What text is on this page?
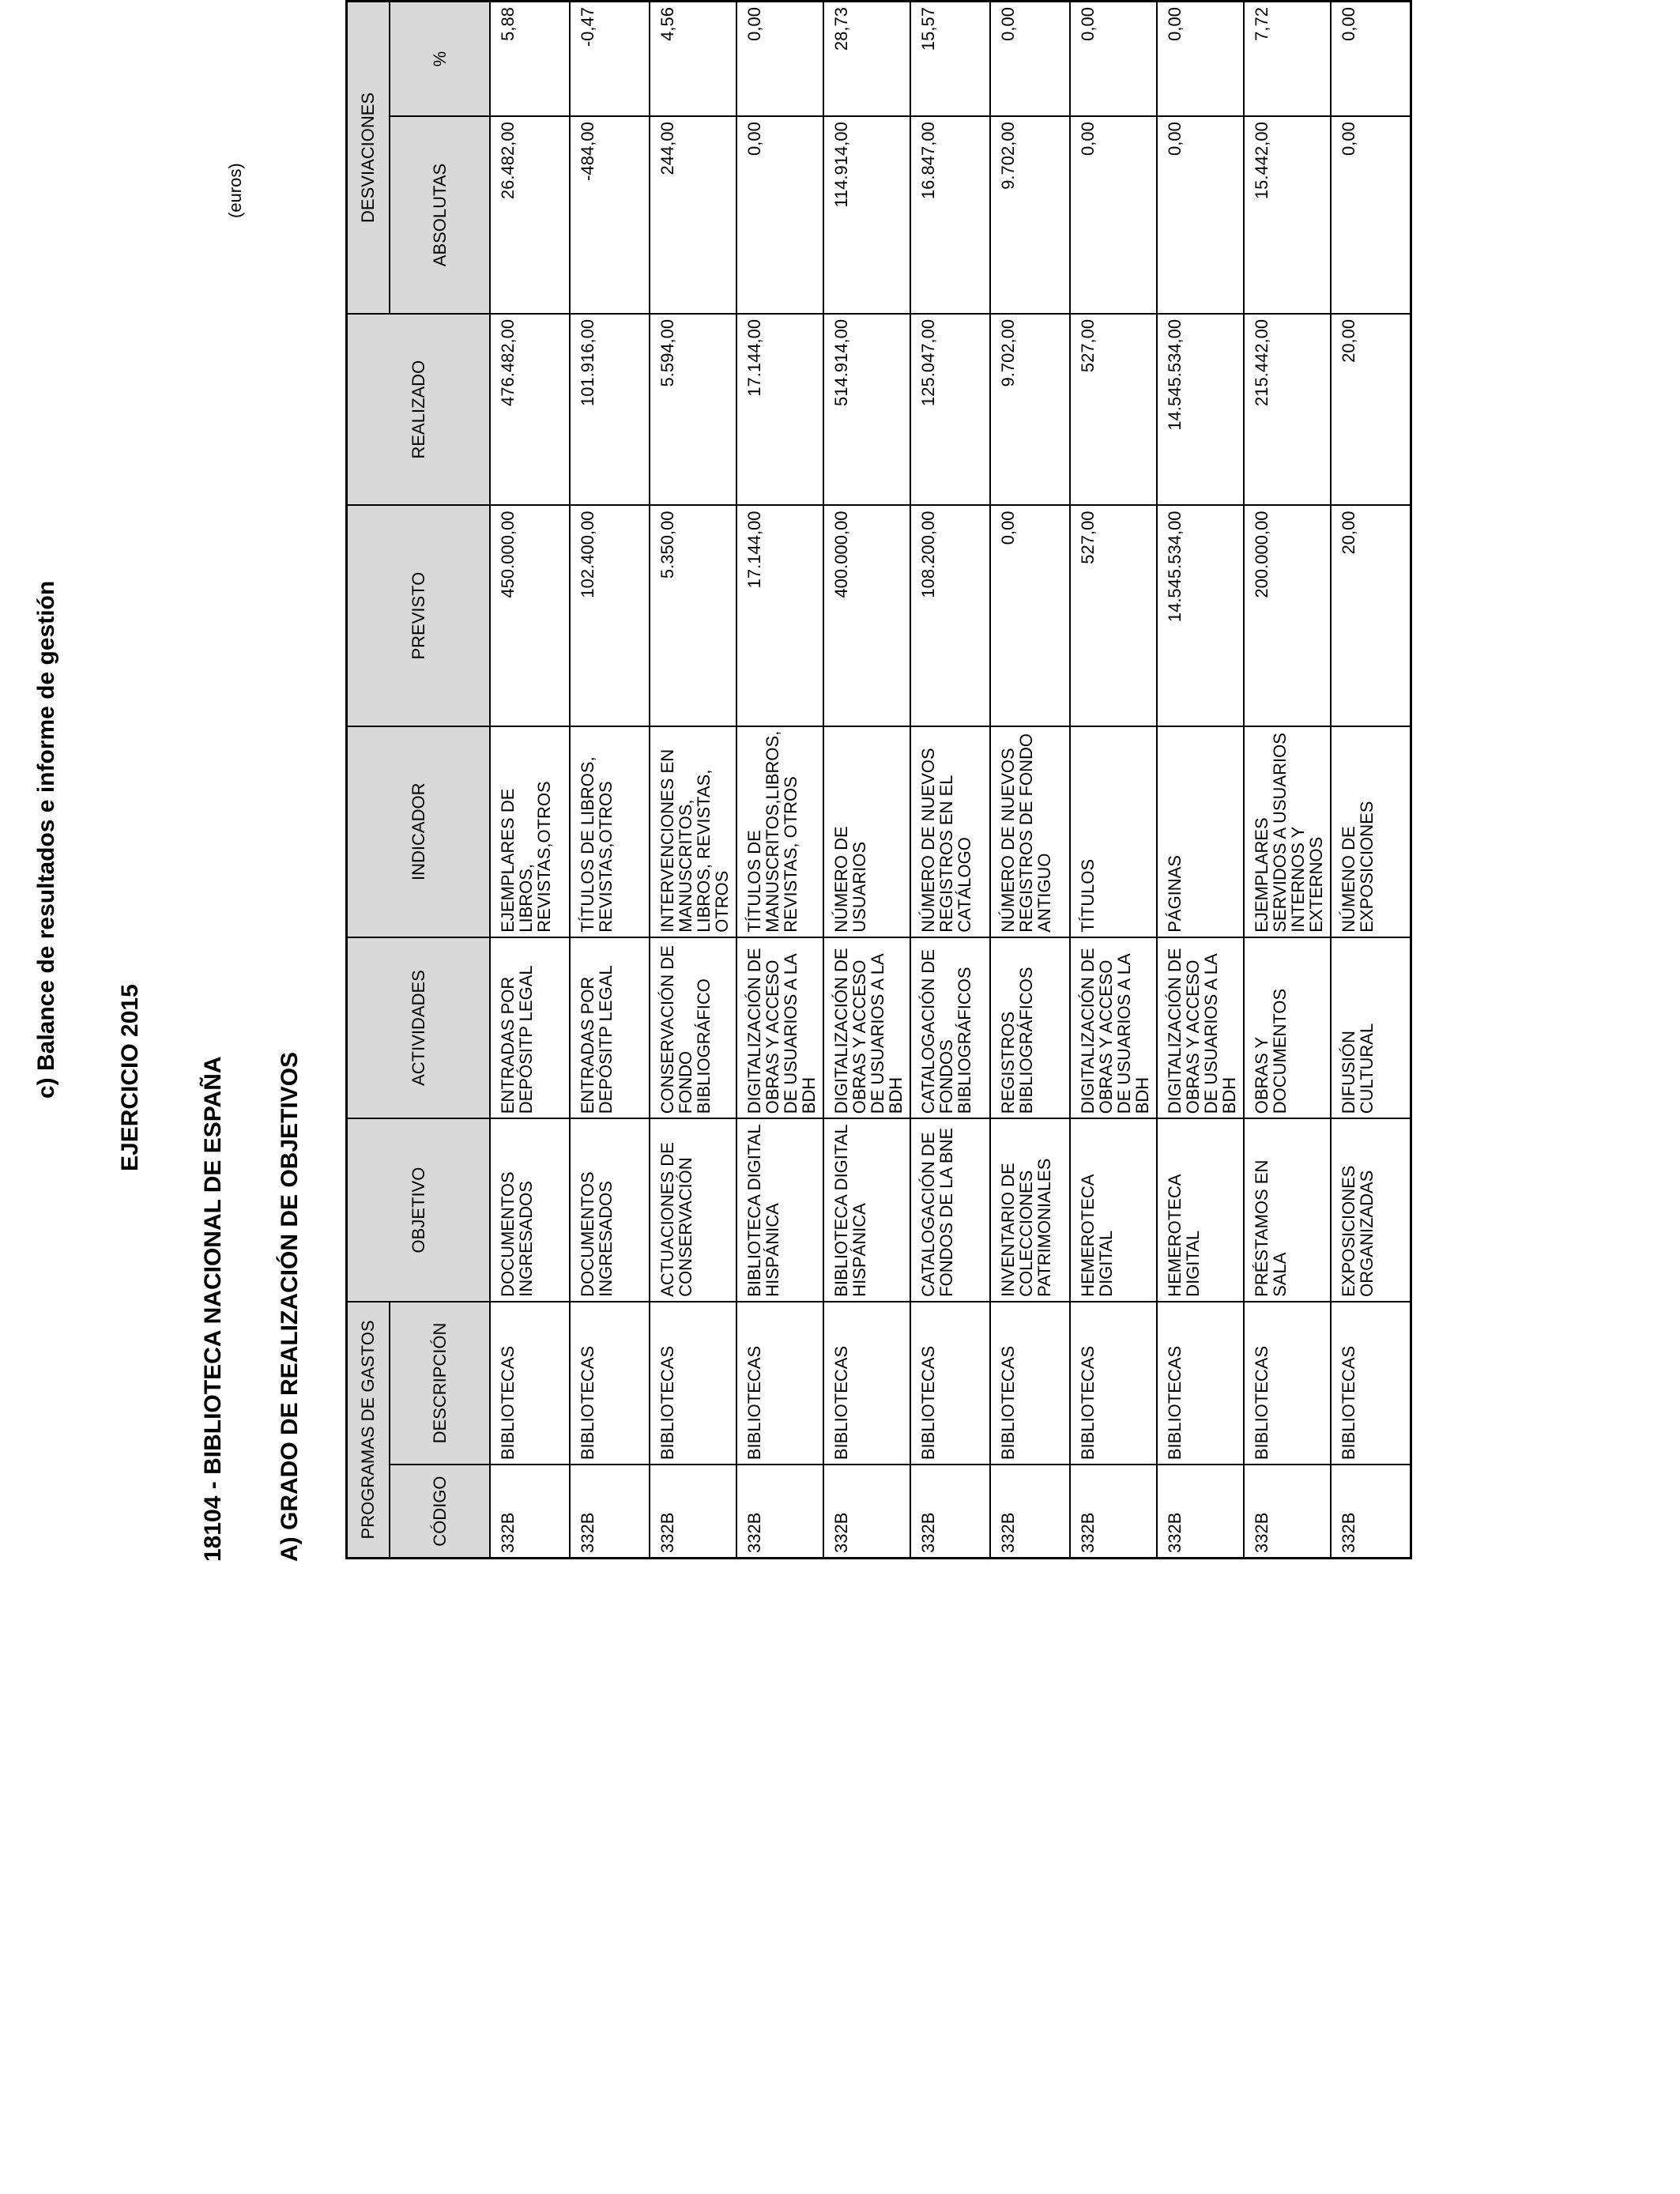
c) Balance de resultados e informe de gestión EJERCICIO 2015 18104 - BIBLIOTECA NACIONAL DE ESPAÑA A) GRADO DE REALIZACIÓN DE OBJETIVOS
(euros)
PROGRAMAS DE GASTOS		OBJETIVO	ACTIVIDADES	INDICADOR	PREVISTO	REALIZADO	DESVIACIONES	
CÓDIGO	DESCRIPCIÓN						ABSOLUTAS	%
332B	BIBLIOTECAS	DOCUMENTOS INGRESADOS	ENTRADAS POR DEPÓSITP LEGAL	EJEMPLARES DE LIBROS, REVISTAS,OTROS	450.000,00	476.482,00	26.482,00	5,88
332B	BIBLIOTECAS	DOCUMENTOS INGRESADOS	ENTRADAS POR DEPÓSITP LEGAL	TÍTULOS DE LIBROS, REVISTAS,OTROS	102.400,00	101.916,00	-484,00	-0,47
332B	BIBLIOTECAS	ACTUACIONES DE CONSERVACIÓN	CONSERVACIÓN DE FONDO BIBLIOGRÁFICO	INTERVENCIONES EN MANUSCRITOS, LIBROS, REVISTAS, OTROS	5.350,00	5.594,00	244,00	4,56
332B	BIBLIOTECAS	BIBLIOTECA DIGITAL HISPÁNICA	DIGITALIZACIÓN DE OBRAS Y ACCESO DE USUARIOS A LA BDH	TÍTULOS DE MANUSCRITOS,LIBROS, REVISTAS, OTROS	17.144,00	17.144,00	0,00	0,00
332B	BIBLIOTECAS	BIBLIOTECA DIGITAL HISPÁNICA	DIGITALIZACIÓN DE OBRAS Y ACCESO DE USUARIOS A LA BDH	NÚMERO DE USUARIOS	400.000,00	514.914,00	114.914,00	28,73
332B	BIBLIOTECAS	CATALOGACIÓN DE FONDOS DE LA BNE	CATALOGACIÓN DE FONDOS BIBLIOGRÁFICOS	NÚMERO DE NUEVOS REGISTROS EN EL CATÁLOGO	108.200,00	125.047,00	16.847,00	15,57
332B	BIBLIOTECAS	INVENTARIO DE COLECCIONES PATRIMONIALES	REGISTROS BIBLIOGRÁFICOS	NÚMERO DE NUEVOS REGISTROS DE FONDO ANTIGUO	0,00	9.702,00	9.702,00	0,00
332B	BIBLIOTECAS	HEMEROTECA DIGITAL	DIGITALIZACIÓN DE OBRAS Y ACCESO DE USUARIOS A LA BDH	TÍTULOS	527,00	527,00	0,00	0,00
332B	BIBLIOTECAS	HEMEROTECA DIGITAL	DIGITALIZACIÓN DE OBRAS Y ACCESO DE USUARIOS A LA BDH	PÁGINAS	14.545.534,00	14.545.534,00	0,00	0,00
332B	BIBLIOTECAS	PRÉSTAMOS EN SALA	OBRAS Y DOCUMENTOS	EJEMPLARES SERVIDOS A USUARIOS INTERNOS Y EXTERNOS	200.000,00	215.442,00	15.442,00	7,72
332B	BIBLIOTECAS	EXPOSICIONES ORGANIZADAS	DIFUSIÓN CULTURAL	NÚMENO DE EXPOSICIONES	20,00	20,00	0,00	0,00
